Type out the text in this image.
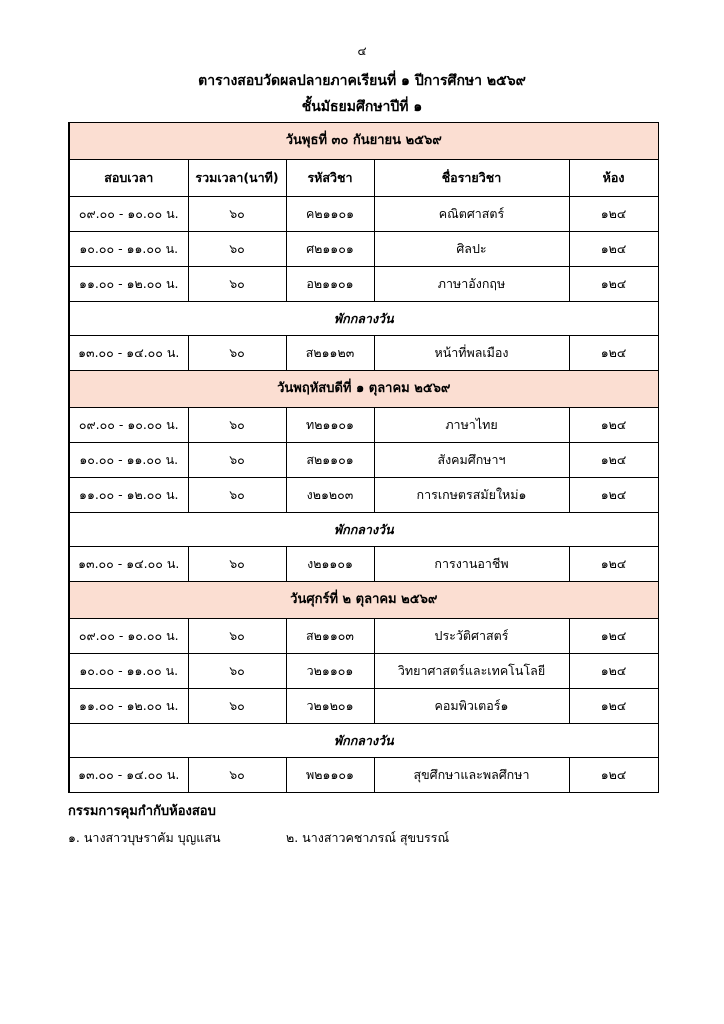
๔
ตารางสอบวัดผลปลายภาคเรียนที่ ๑ ปีการศึกษา ๒๕๖๙
ชั้นมัธยมศึกษาปีที่ ๑
วันพุธที่ ๓๐ กันยายน ๒๕๖๙				
สอบเวลา	รวมเวลา(นาที)	รหัสวิชา	ชื่อรายวิชา	ห้อง
๐๙.๐๐ - ๑๐.๐๐ น.	๖๐	ค๒๑๑๐๑	คณิตศาสตร์	๑๒๔
๑๐.๐๐ - ๑๑.๐๐ น.	๖๐	ศ๒๑๑๐๑	ศิลปะ	๑๒๔
๑๑.๐๐ - ๑๒.๐๐ น.	๖๐	อ๒๑๑๐๑	ภาษาอังกฤษ	๑๒๔
พักกลางวัน				
๑๓.๐๐ - ๑๔.๐๐ น.	๖๐	ส๒๑๑๒๓	หน้าที่พลเมือง	๑๒๔
วันพฤหัสบดีที่ ๑ ตุลาคม ๒๕๖๙				
๐๙.๐๐ - ๑๐.๐๐ น.	๖๐	ท๒๑๑๐๑	ภาษาไทย	๑๒๔
๑๐.๐๐ - ๑๑.๐๐ น.	๖๐	ส๒๑๑๐๑	สังคมศึกษาฯ	๑๒๔
๑๑.๐๐ - ๑๒.๐๐ น.	๖๐	ง๒๑๒๐๓	การเกษตรสมัยใหม่๑	๑๒๔
พักกลางวัน				
๑๓.๐๐ - ๑๔.๐๐ น.	๖๐	ง๒๑๑๐๑	การงานอาชีพ	๑๒๔
วันศุกร์ที่ ๒ ตุลาคม ๒๕๖๙				
๐๙.๐๐ - ๑๐.๐๐ น.	๖๐	ส๒๑๑๐๓	ประวัติศาสตร์	๑๒๔
๑๐.๐๐ - ๑๑.๐๐ น.	๖๐	ว๒๑๑๐๑	วิทยาศาสตร์และเทคโนโลยี	๑๒๔
๑๑.๐๐ - ๑๒.๐๐ น.	๖๐	ว๒๑๒๐๑	คอมพิวเตอร์๑	๑๒๔
พักกลางวัน				
๑๓.๐๐ - ๑๔.๐๐ น.	๖๐	พ๒๑๑๐๑	สุขศึกษาและพลศึกษา	๑๒๔
กรรมการคุมกำกับห้องสอบ
๑. นางสาวบุษราคัม บุญแสน	๒. นางสาวคชาภรณ์ สุขบรรณ์
